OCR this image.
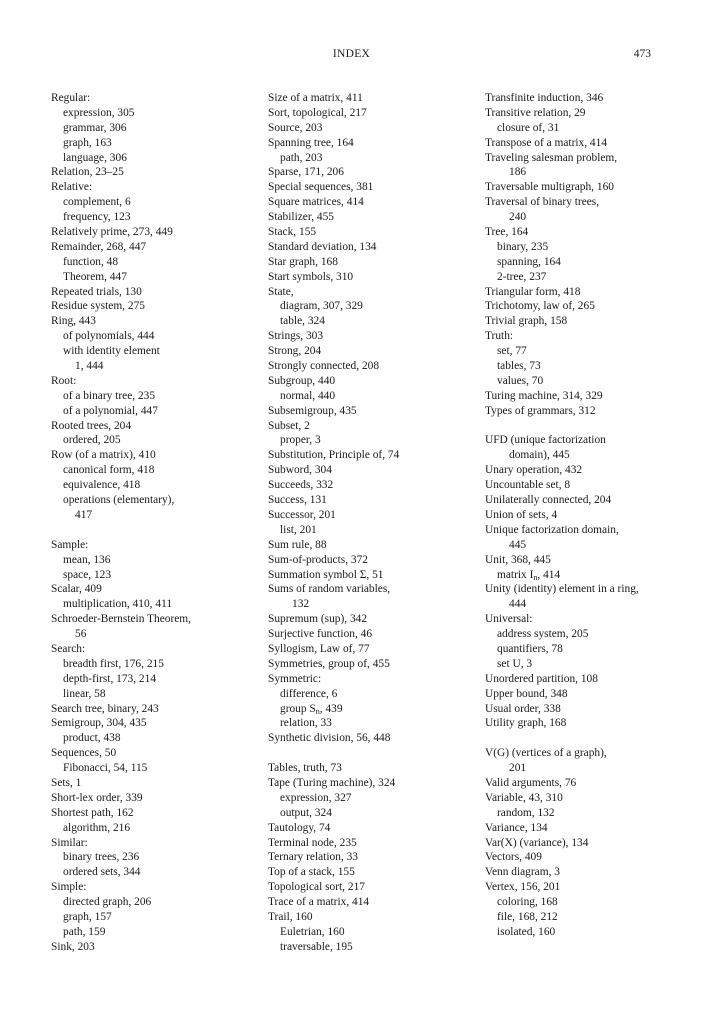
INDEX	473
Regular:
expression, 305
grammar, 306
graph, 163
language, 306
Relation, 23–25
Relative:
complement, 6
frequency, 123
Relatively prime, 273, 449
Remainder, 268, 447
function, 48
Theorem, 447
Repeated trials, 130
Residue system, 275
Ring, 443
of polynomials, 444
with identity element
1, 444
Root:
of a binary tree, 235
of a polynomial, 447
Rooted trees, 204
ordered, 205
Row (of a matrix), 410
canonical form, 418
equivalence, 418
operations (elementary),
417
Sample:
mean, 136
space, 123
Scalar, 409
multiplication, 410, 411
Schroeder-Bernstein Theorem,
56
Search:
breadth first, 176, 215
depth-first, 173, 214
linear, 58
Search tree, binary, 243
Semigroup, 304, 435
product, 438
Sequences, 50
Fibonacci, 54, 115
Sets, 1
Short-lex order, 339
Shortest path, 162
algorithm, 216
Similar:
binary trees, 236
ordered sets, 344
Simple:
directed graph, 206
graph, 157
path, 159
Sink, 203
Size of a matrix, 411
Sort, topological, 217
Source, 203
Spanning tree, 164
path, 203
Sparse, 171, 206
Special sequences, 381
Square matrices, 414
Stabilizer, 455
Stack, 155
Standard deviation, 134
Star graph, 168
Start symbols, 310
State,
diagram, 307, 329
table, 324
Strings, 303
Strong, 204
Strongly connected, 208
Subgroup, 440
normal, 440
Subsemigroup, 435
Subset, 2
proper, 3
Substitution, Principle of, 74
Subword, 304
Succeeds, 332
Success, 131
Successor, 201
list, 201
Sum rule, 88
Sum-of-products, 372
Summation symbol Σ, 51
Sums of random variables,
132
Supremum (sup), 342
Surjective function, 46
Syllogism, Law of, 77
Symmetries, group of, 455
Symmetric:
difference, 6
group $S_n$, 439
relation, 33
Synthetic division, 56, 448
Tables, truth, 73
Tape (Turing machine), 324
expression, 327
output, 324
Tautology, 74
Terminal node, 235
Ternary relation, 33
Top of a stack, 155
Topological sort, 217
Trace of a matrix, 414
Trail, 160
Euletrian, 160
traversable, 195
Transfinite induction, 346
Transitive relation, 29
closure of, 31
Transpose of a matrix, 414
Traveling salesman problem,
186
Traversable multigraph, 160
Traversal of binary trees,
240
Tree, 164
binary, 235
spanning, 164
2-tree, 237
Triangular form, 418
Trichotomy, law of, 265
Trivial graph, 158
Truth:
set, 77
tables, 73
values, 70
Turing machine, 314, 329
Types of grammars, 312
UFD (unique factorization
domain), 445
Unary operation, 432
Uncountable set, 8
Unilaterally connected, 204
Union of sets, 4
Unique factorization domain,
445
Unit, 368, 445
matrix $I_n$, 414
Unity (identity) element in a ring,
444
Universal:
address system, 205
quantifiers, 78
set U, 3
Unordered partition, 108
Upper bound, 348
Usual order, 338
Utility graph, 168
V(G) (vertices of a graph),
201
Valid arguments, 76
Variable, 43, 310
random, 132
Variance, 134
Var(X) (variance), 134
Vectors, 409
Venn diagram, 3
Vertex, 156, 201
coloring, 168
file, 168, 212
isolated, 160
